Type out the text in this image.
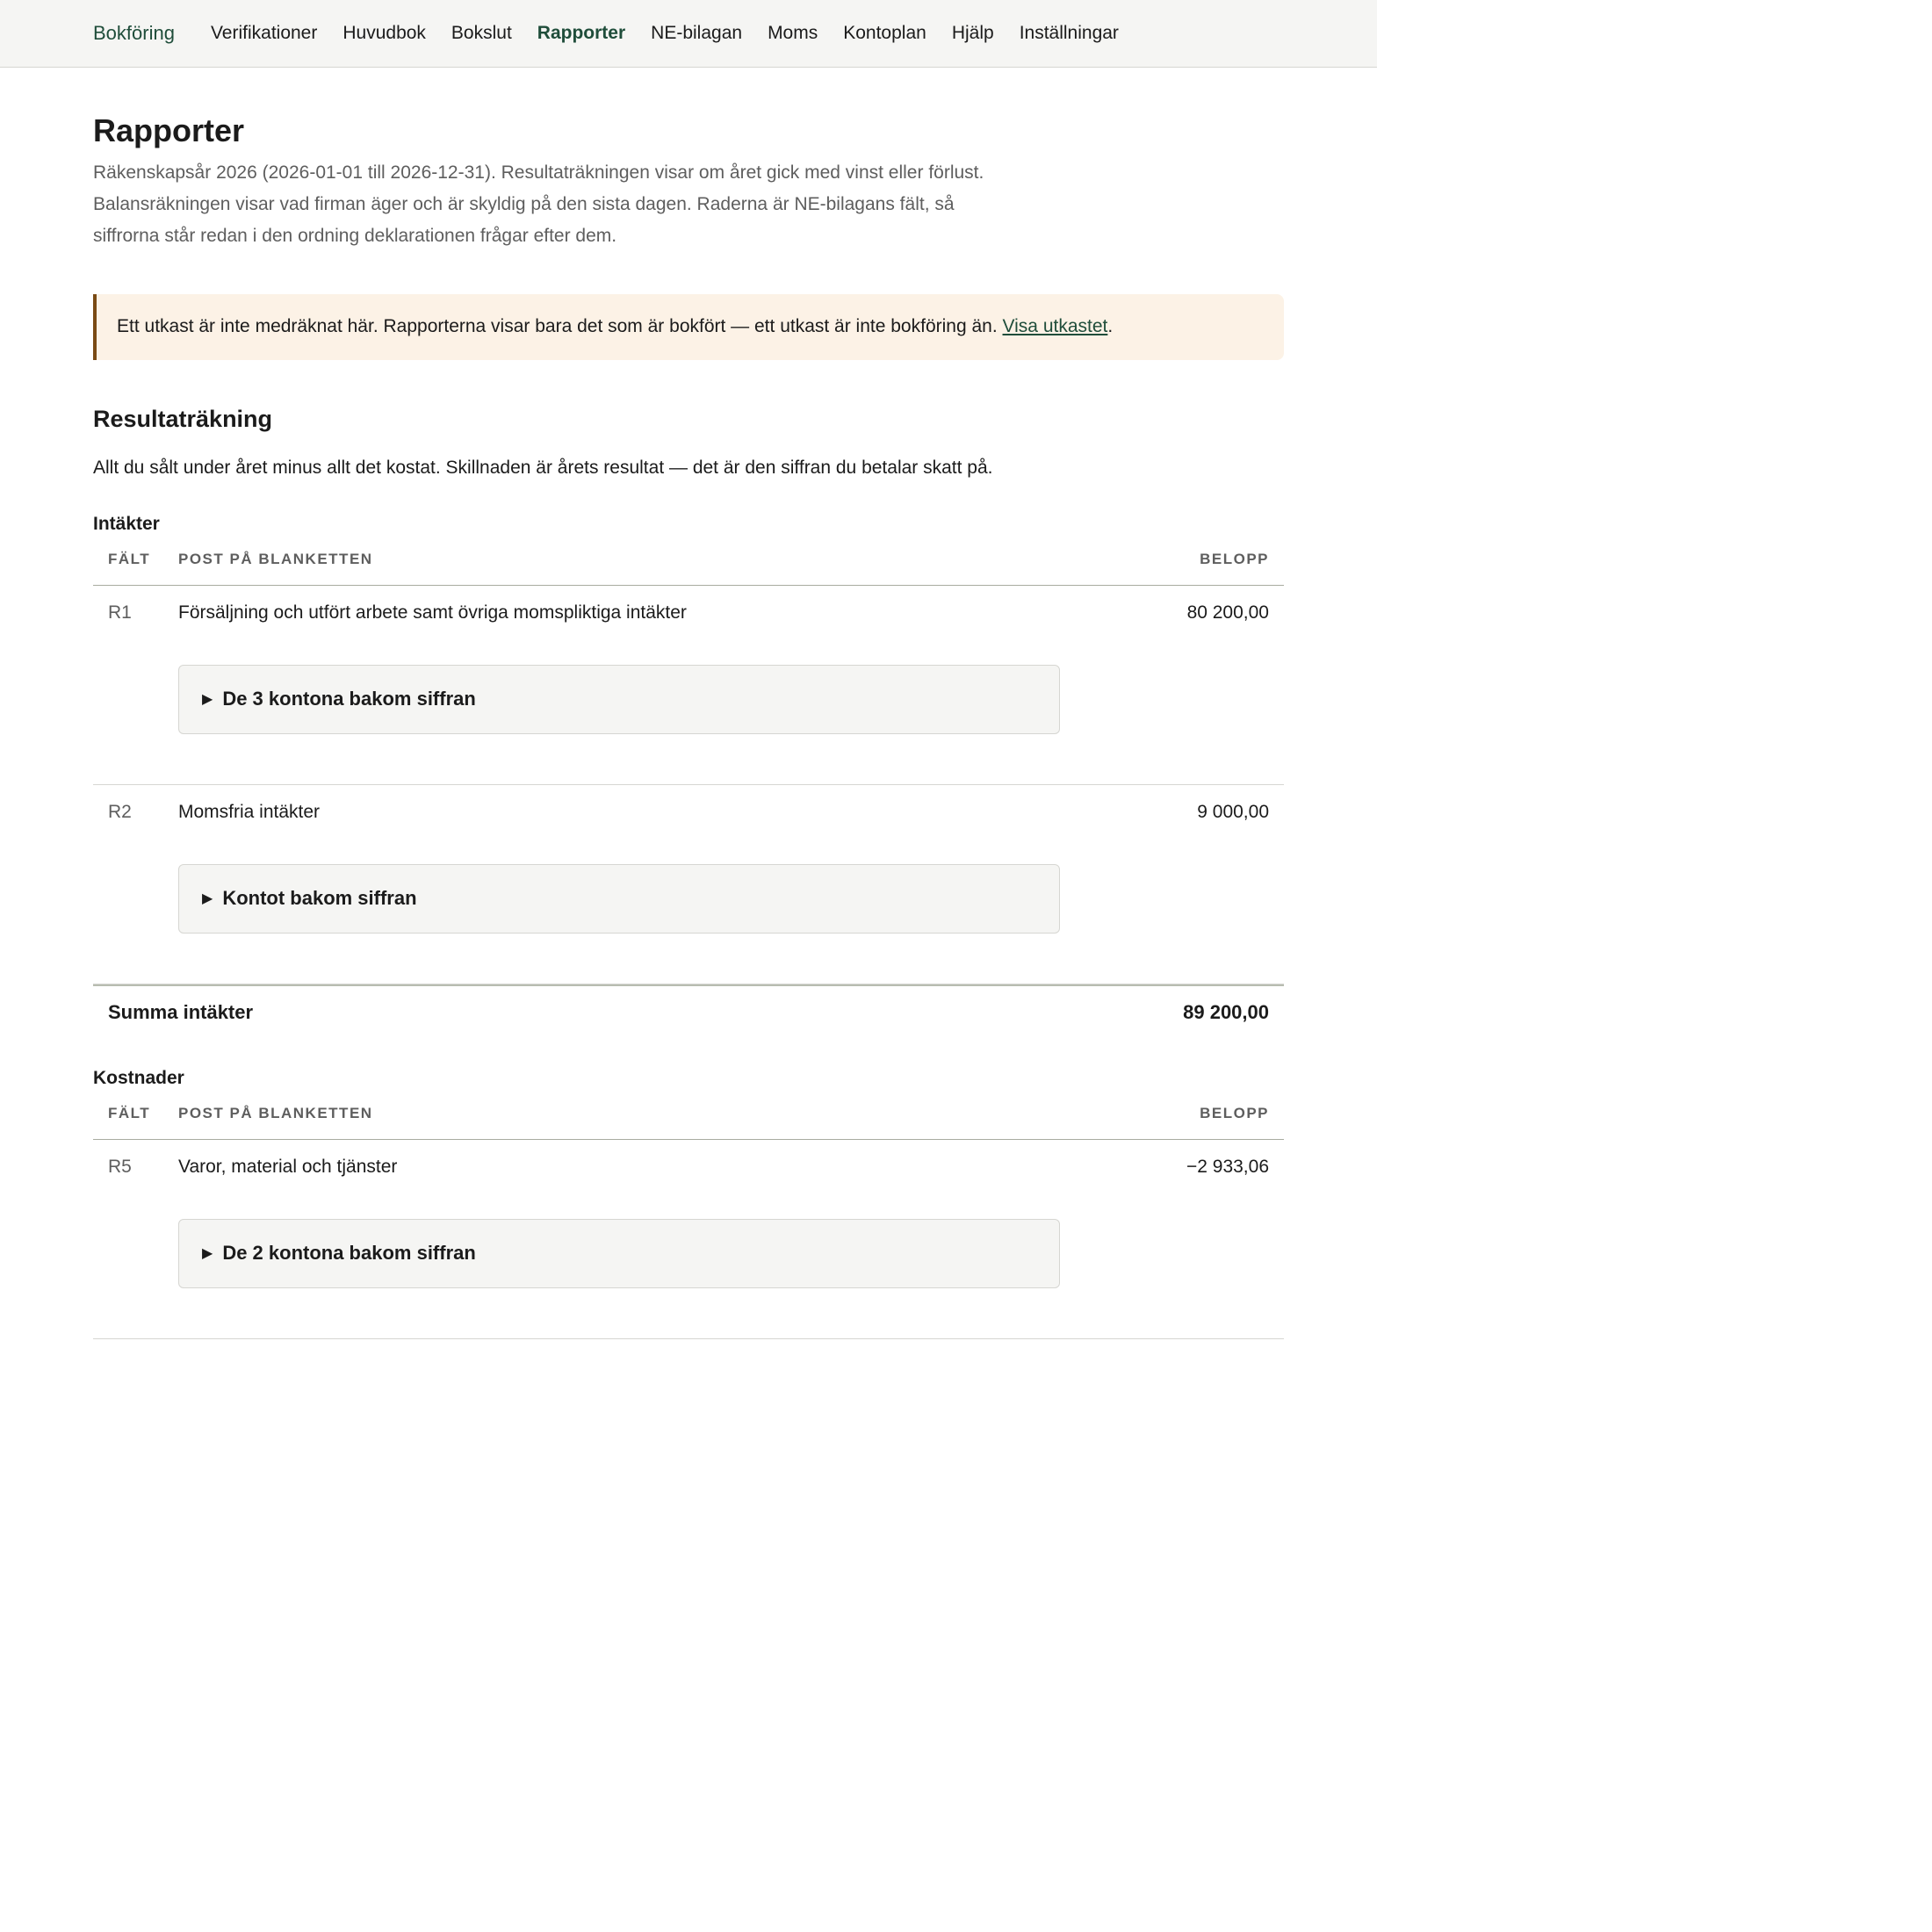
Bokföring Verifikationer Huvudbok Bokslut Rapporter NE-bilagan Moms Kontoplan Hjälp Inställningar
Rapporter

Räkenskapsår 2026 (2026-01-01 till 2026-12-31). Resultaträkningen visar om året gick med vinst eller förlust. Balansräkningen visar vad firman äger och är skyldig på den sista dagen. Raderna är NE-bilagans fält, så siffrorna står redan i den ordning deklarationen frågar efter dem.

Ett utkast är inte medräknat här. Rapporterna visar bara det som är bokfört — ett utkast är inte bokföring än.
Visa utkastet .
Resultaträkning

Allt du sålt under året minus allt det kostat. Skillnaden är årets resultat — det är den siffran du betalar skatt på.

Intäkter
FÄLT	POST PÅ BLANKETTEN	BELOPP
R1	Försäljning och utfört arbete samt övriga momspliktiga intäkter	80 200,00
▶ De 3 kontona bakom siffran
R2	Momsfria intäkter	9 000,00
▶ Kontot bakom siffran
Summa intäkter	89 200,00
Kostnader
FÄLT	POST PÅ BLANKETTEN	BELOPP
R5	Varor, material och tjänster	−2 933,06
▶ De 2 kontona bakom siffran
